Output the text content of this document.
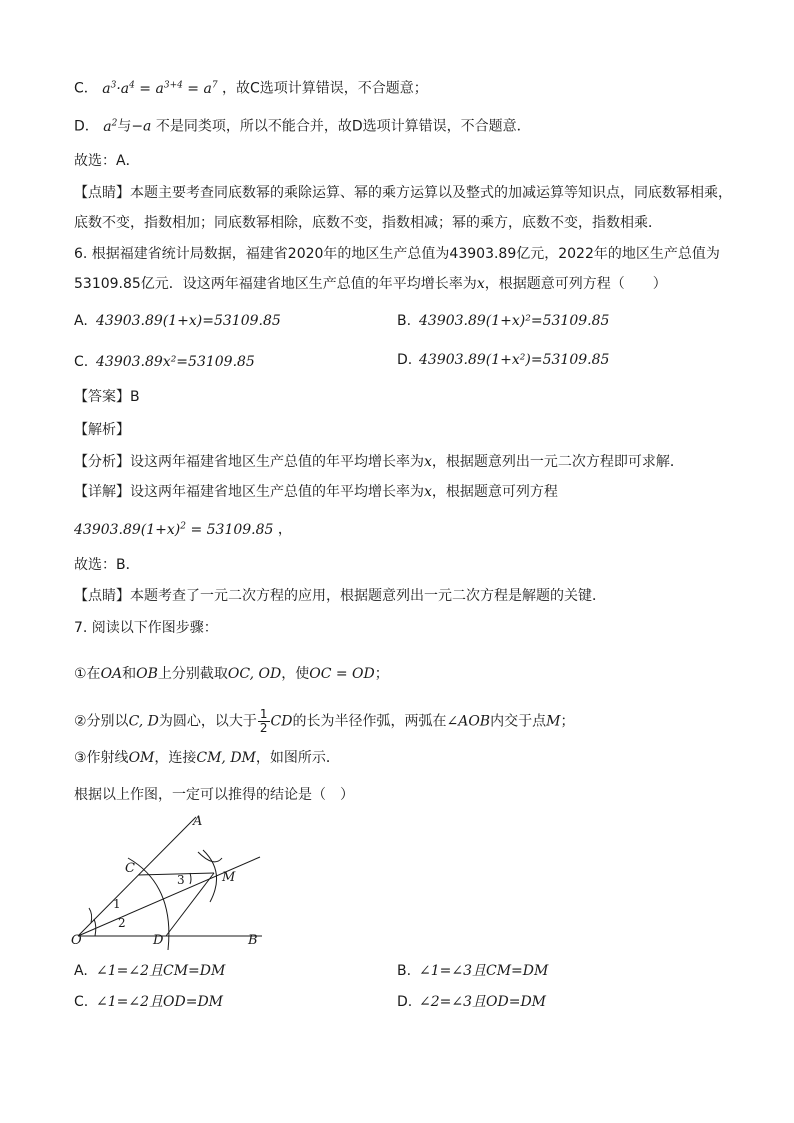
C． $a^3\cdot a^4 = a^{3+4} = a^7$ ，故C选项计算错误，不合题意；
D． $a^2$与−a 不是同类项，所以不能合并，故D选项计算错误，不合题意．
故选：A．
【点睛】本题主要考查同底数幂的乘除运算、幂的乘方运算以及整式的加减运算等知识点，同底数幂相乘，
底数不变，指数相加；同底数幂相除，底数不变，指数相减；幂的乘方，底数不变，指数相乘．
6. 根据福建省统计局数据，福建省2020年的地区生产总值为43903.89亿元，2022年的地区生产总值为
53109.85亿元．设这两年福建省地区生产总值的年平均增长率为x，根据题意可列方程（　　）
A. 43903.89(1+x)=53109.85	B. 43903.89(1+x)²=53109.85
C. 43903.89x²=53109.85	D. 43903.89(1+x²)=53109.85
【答案】B
【解析】
【分析】设这两年福建省地区生产总值的年平均增长率为x，根据题意列出一元二次方程即可求解．
【详解】设这两年福建省地区生产总值的年平均增长率为x，根据题意可列方程
$43903.89(1+x)^2 = 53109.85$ ，
故选：B．
【点睛】本题考查了一元二次方程的应用，根据题意列出一元二次方程是解题的关键．
7. 阅读以下作图步骤：
①在OA和OB上分别截取OC, OD，使OC = OD；
②分别以C, D为圆心，以大于 $\frac{1}{2}$ CD的长为半径作弧，两弧在∠AOB内交于点M；
③作射线OM，连接CM, DM，如图所示．
根据以上作图，一定可以推得的结论是（　）
A
B
C
D
O
M
1
2
3
A. ∠1=∠2且CM=DM	B. ∠1=∠3且CM=DM
C. ∠1=∠2且OD=DM	D. ∠2=∠3且OD=DM
